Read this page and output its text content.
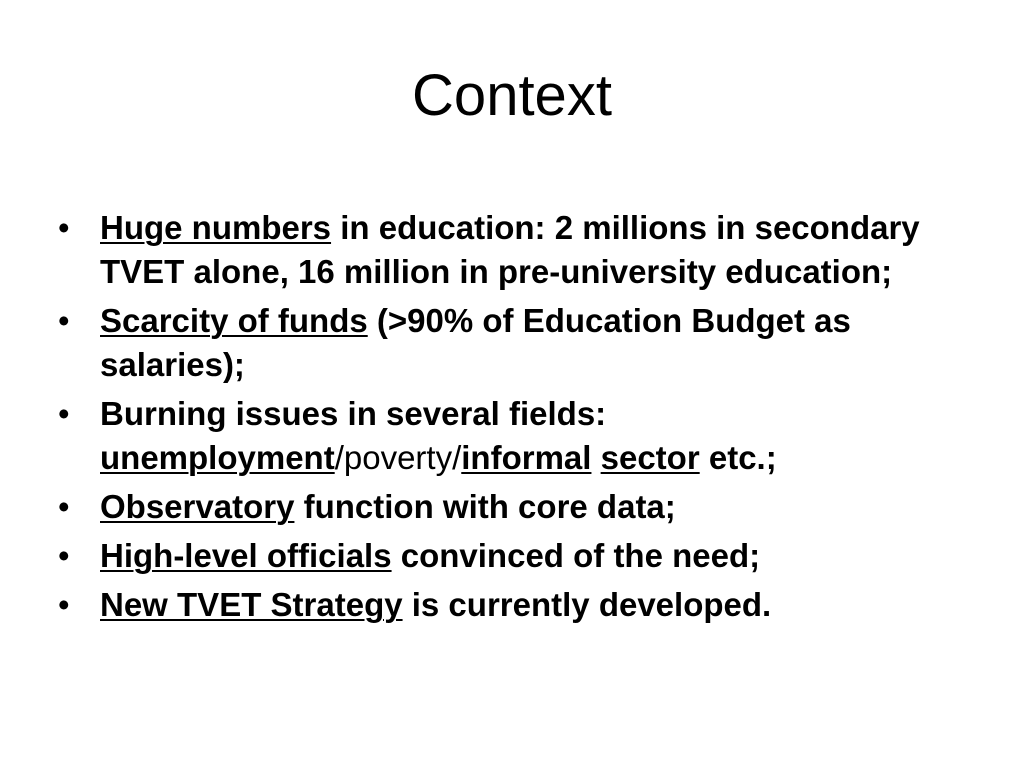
Context
• Huge numbers in education: 2 millions in secondary TVET alone, 16 million in pre-university education;
• Scarcity of funds (>90% of Education Budget as salaries);
• Burning issues in several fields: unemployment/poverty/informal sector etc.;
• Observatory function with core data;
• High-level officials convinced of the need;
• New TVET Strategy is currently developed.
